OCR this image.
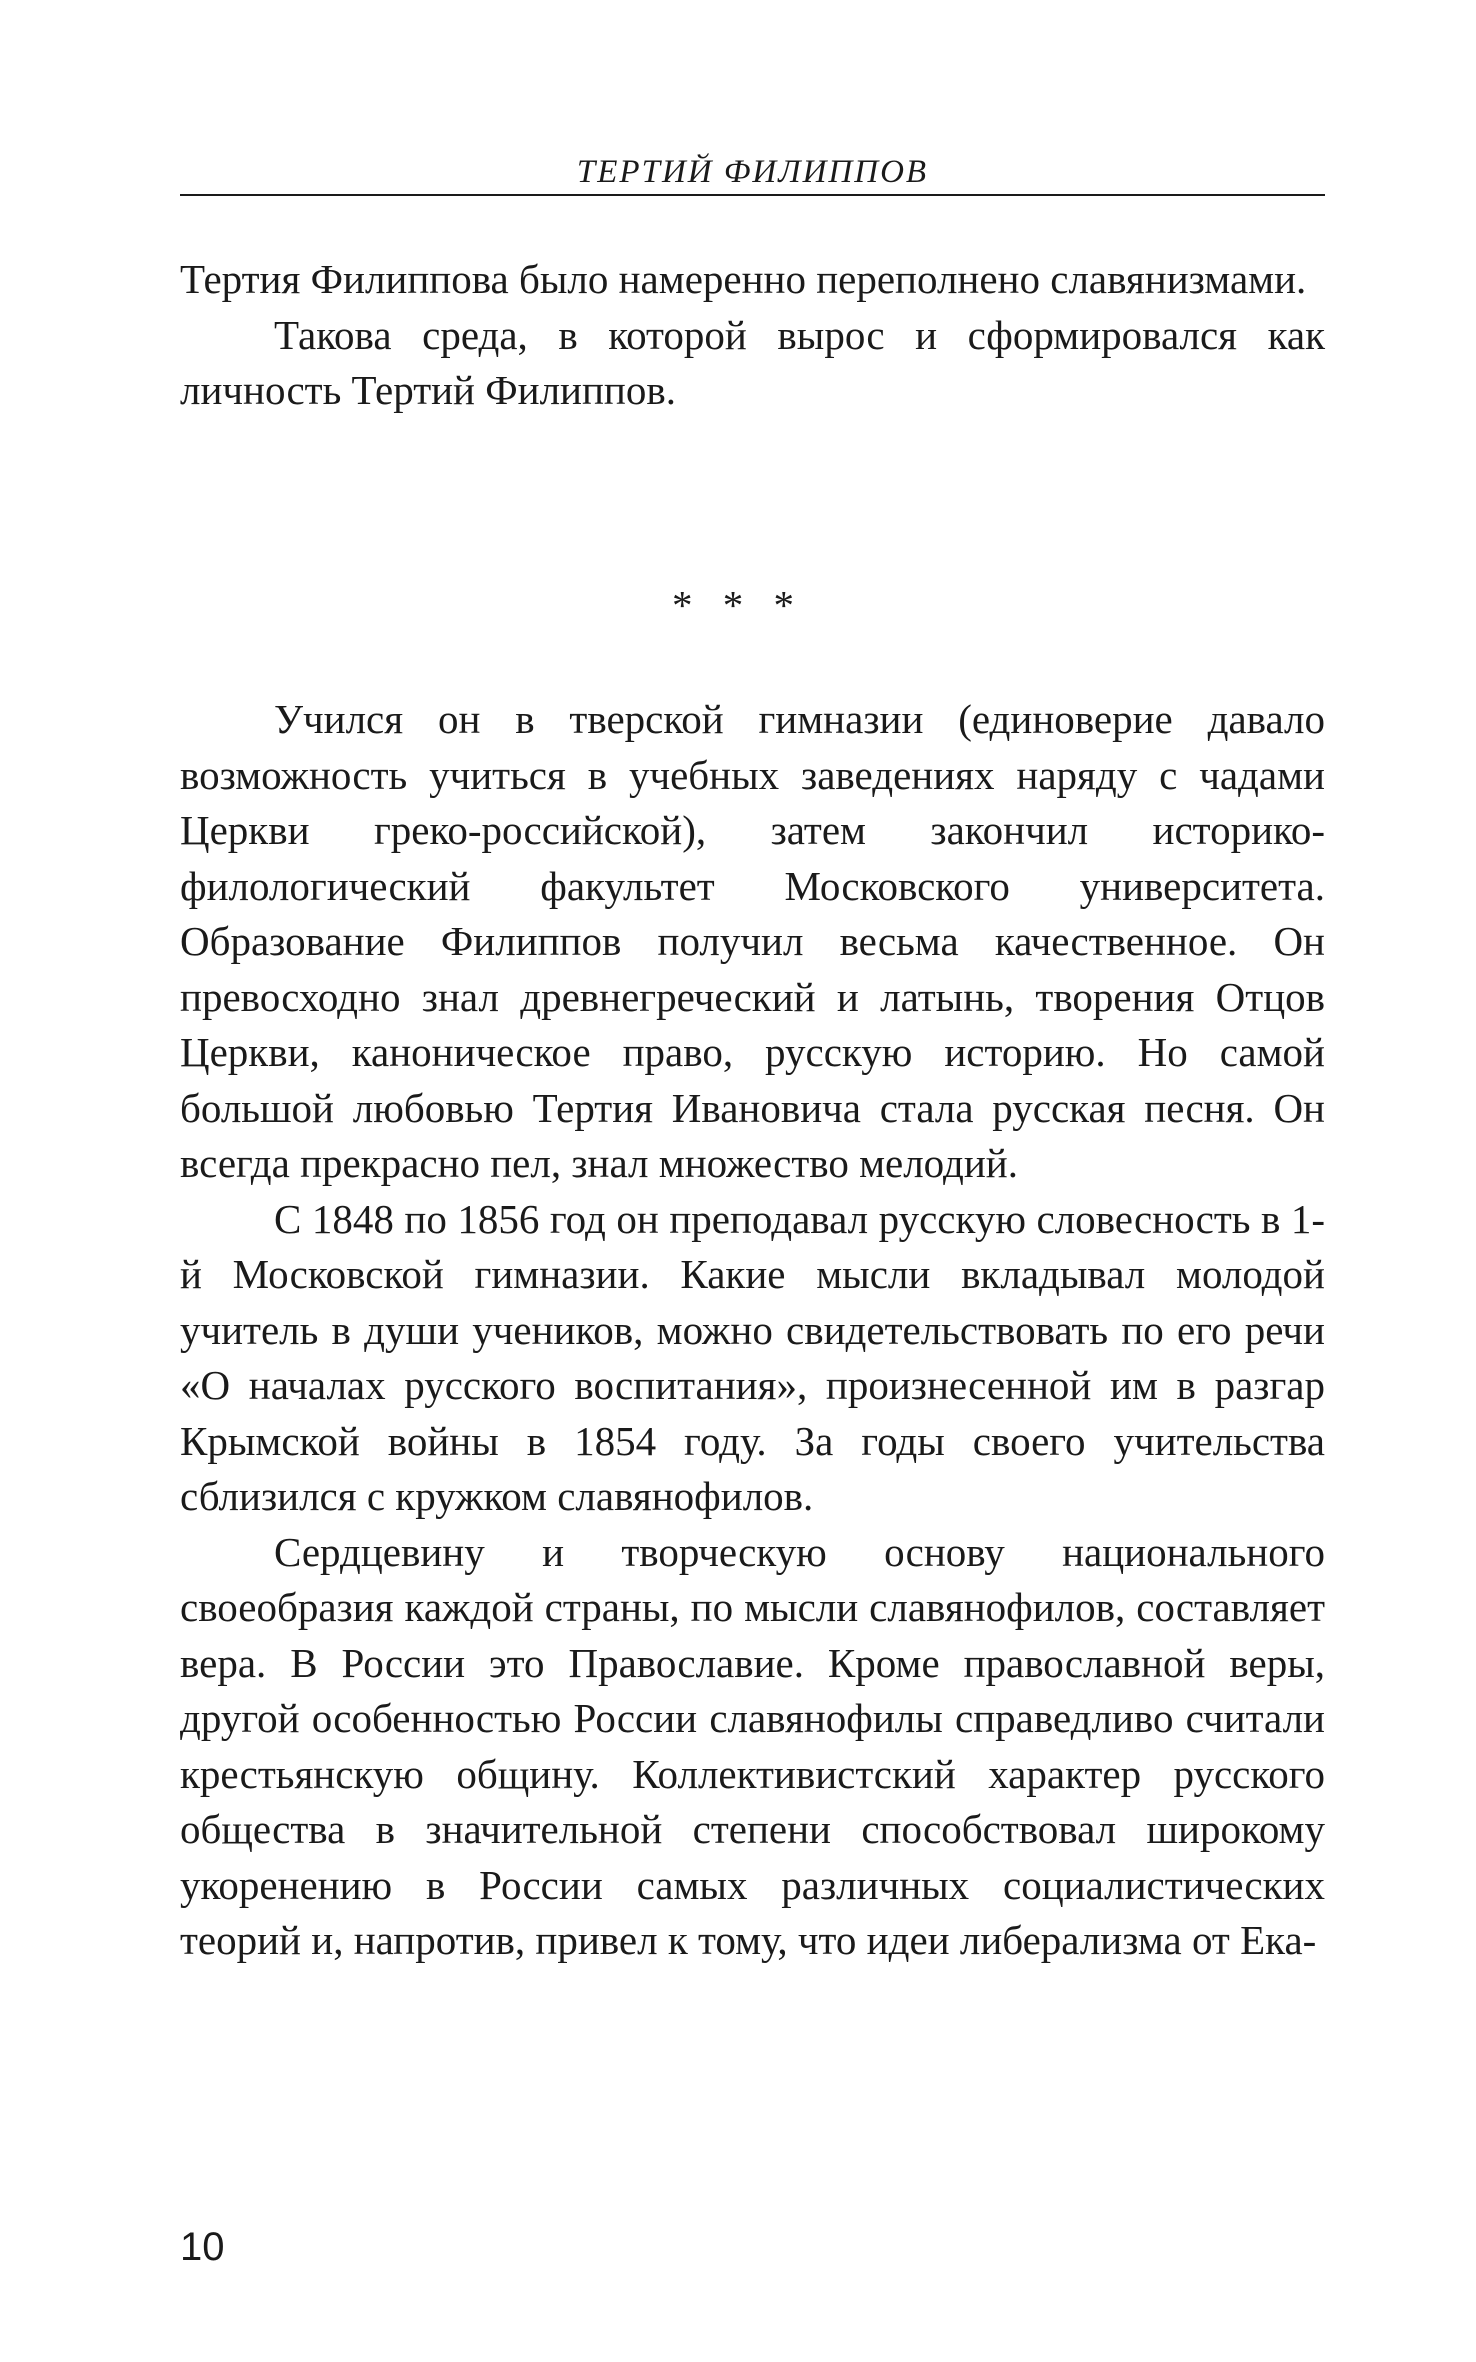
ТЕРТИЙ ФИЛИППОВ

Тертия Филиппова было намеренно переполнено славянизмами.

Такова среда, в которой вырос и сформировался как личность Тертий Филиппов.

* * *

Учился он в тверской гимназии (единоверие давало возможность учиться в учебных заведениях наряду с чадами Церкви греко-российской), затем закончил историко-филологический факультет Московского университета. Образование Филиппов получил весьма качественное. Он превосходно знал древнегреческий и латынь, творения Отцов Церкви, каноническое право, русскую историю. Но самой большой любовью Тертия Ивановича стала русская песня. Он всегда прекрасно пел, знал множество мелодий.

С 1848 по 1856 год он преподавал русскую словесность в 1-й Московской гимназии. Какие мысли вкладывал молодой учитель в души учеников, можно свидетельствовать по его речи «О началах русского воспитания», произнесенной им в разгар Крымской войны в 1854 году. За годы своего учительства сблизился с кружком славянофилов.

Сердцевину и творческую основу национального своеобразия каждой страны, по мысли славянофилов, составляет вера. В России это Православие. Кроме православной веры, другой особенностью России славянофилы справедливо считали крестьянскую общину. Коллективистский характер русского общества в значительной степени способствовал широкому укоренению в России самых различных социалистических теорий и, напротив, привел к тому, что идеи либерализма от Ека-

10
